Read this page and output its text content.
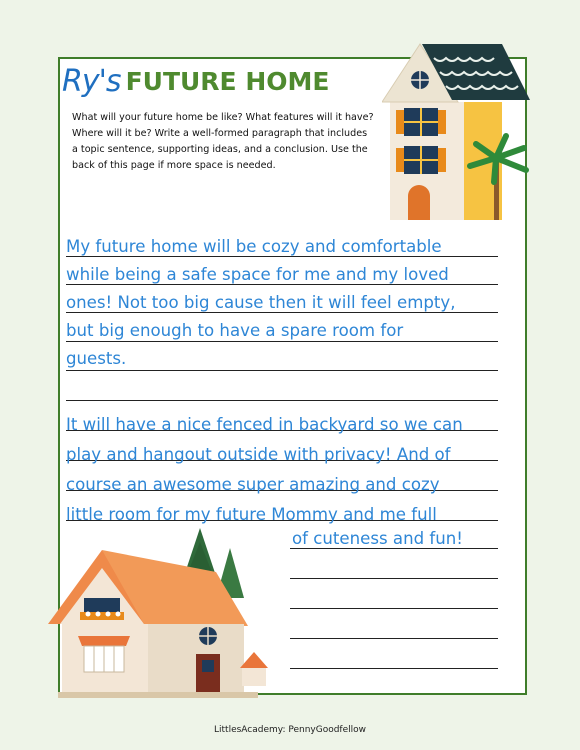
Ry's FUTURE HOME
What will your future home be like? What features will it have? Where will it be? Write a well-formed paragraph that includes a topic sentence, supporting ideas, and a conclusion. Use the back of this page if more space is needed.
My future home will be cozy and comfortable
while being a safe space for me and my loved
ones! Not too big cause then it will feel empty,
but big enough to have a spare room for
guests.
It will have a nice fenced in backyard so we can
play and hangout outside with privacy! And of
course an awesome super amazing and cozy
little room for my future Mommy and me full
of cuteness and fun!
LittlesAcademy: PennyGoodfellow
